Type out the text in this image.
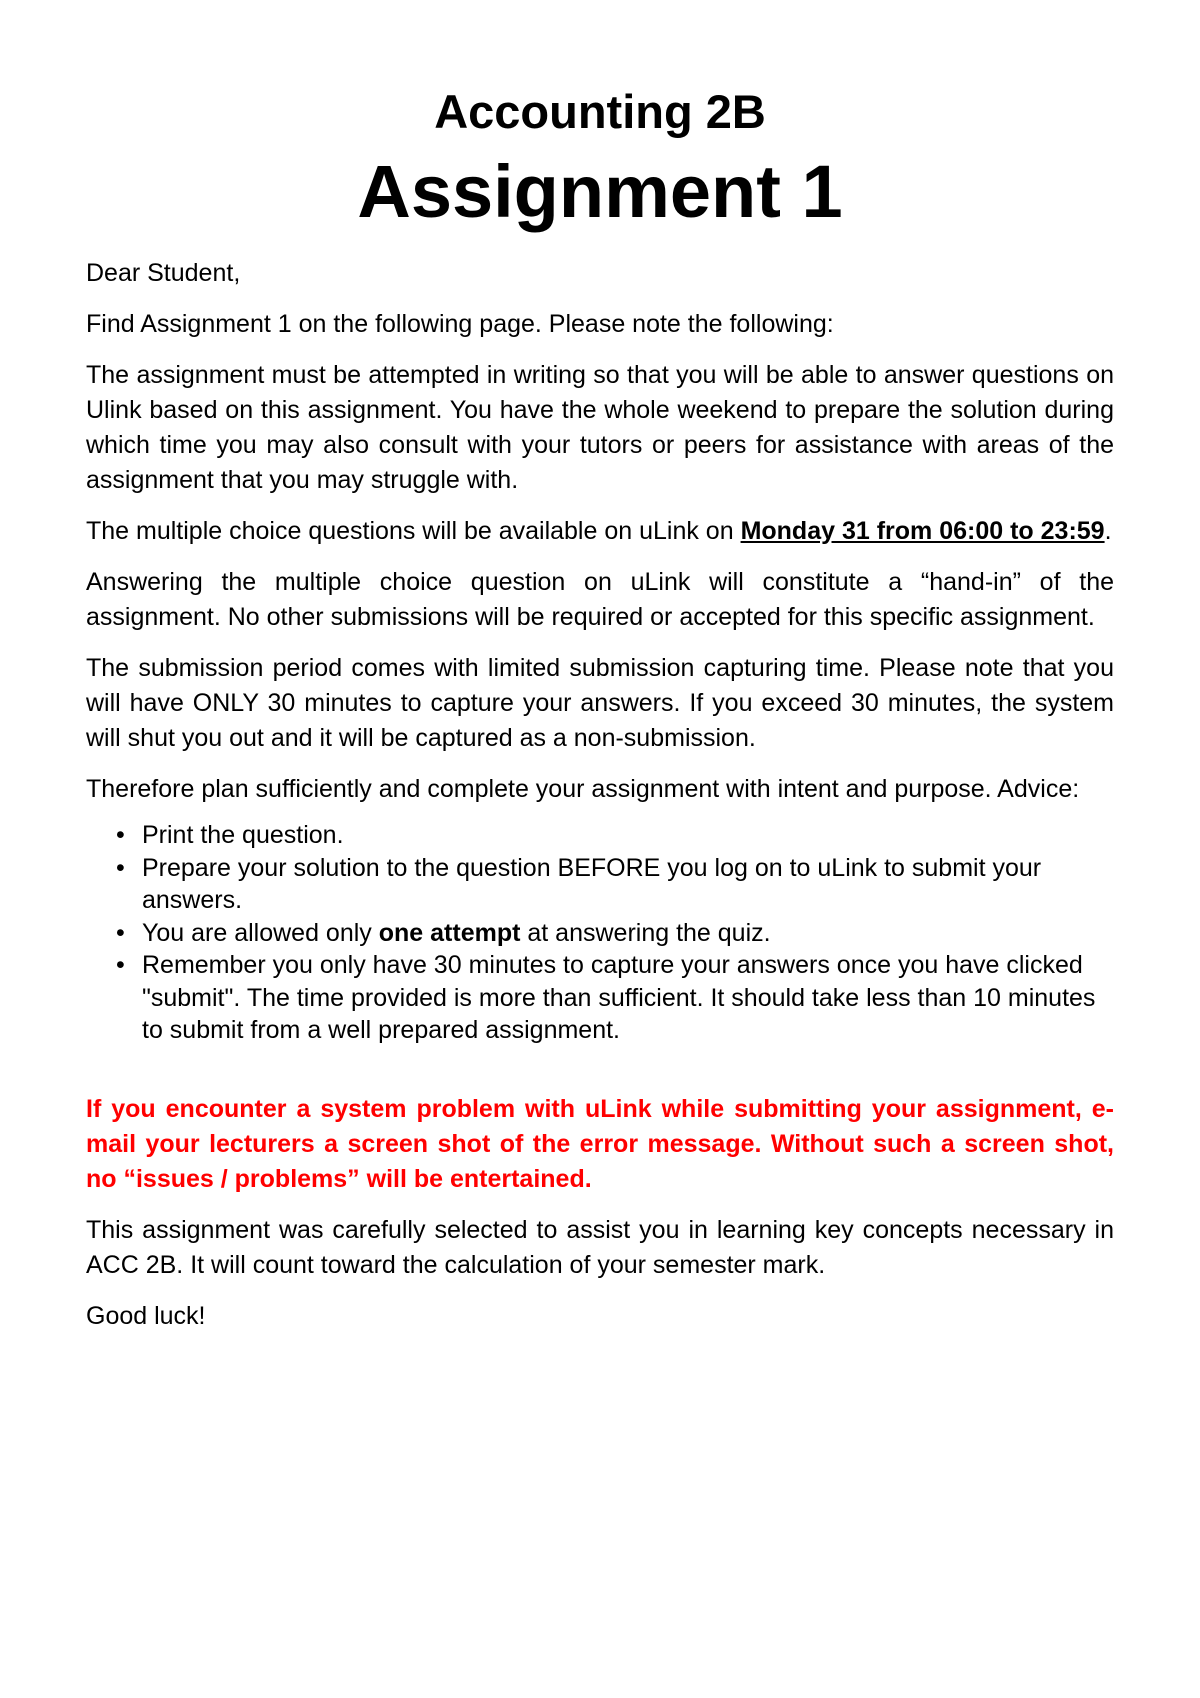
Accounting 2B
Assignment 1

Dear Student,

Find Assignment 1 on the following page. Please note the following:

The assignment must be attempted in writing so that you will be able to answer questions on Ulink based on this assignment. You have the whole weekend to prepare the solution during which time you may also consult with your tutors or peers for assistance with areas of the assignment that you may struggle with.

The multiple choice questions will be available on uLink on Monday 31 from 06:00 to 23:59.

Answering the multiple choice question on uLink will constitute a “hand-in” of the assignment. No other submissions will be required or accepted for this specific assignment.

The submission period comes with limited submission capturing time. Please note that you will have ONLY 30 minutes to capture your answers. If you exceed 30 minutes, the system will shut you out and it will be captured as a non-submission.

Therefore plan sufficiently and complete your assignment with intent and purpose. Advice:

• Print the question.
• Prepare your solution to the question BEFORE you log on to uLink to submit your answers.
• You are allowed only one attempt at answering the quiz.
• Remember you only have 30 minutes to capture your answers once you have clicked "submit". The time provided is more than sufficient. It should take less than 10 minutes to submit from a well prepared assignment.

If you encounter a system problem with uLink while submitting your assignment, e-mail your lecturers a screen shot of the error message. Without such a screen shot, no “issues / problems” will be entertained.

This assignment was carefully selected to assist you in learning key concepts necessary in ACC 2B. It will count toward the calculation of your semester mark.

Good luck!
